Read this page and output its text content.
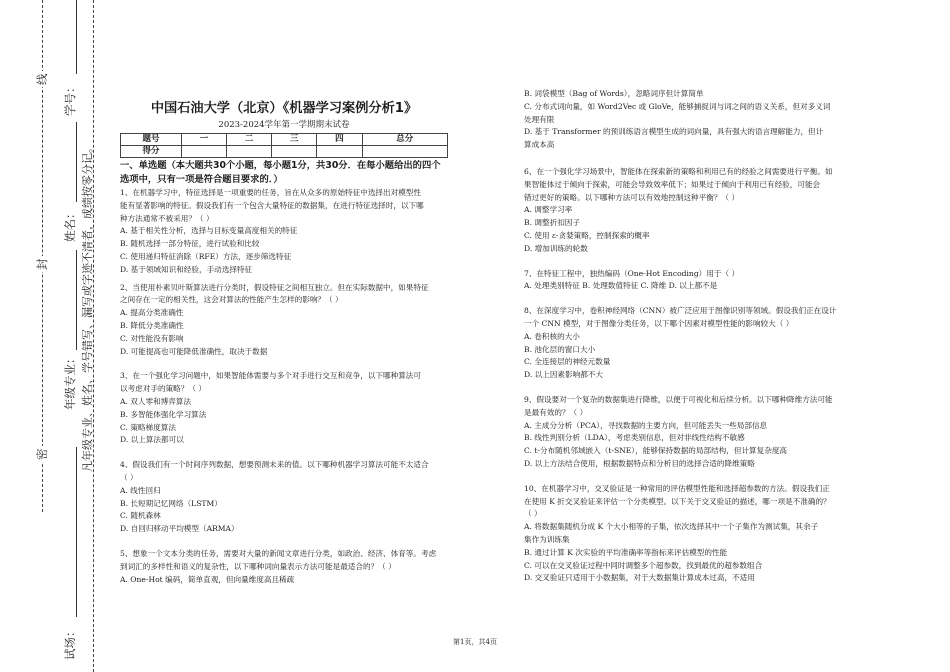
试场：
年级专业：
姓名：
学号：
密
封
线
凡年级专业、姓名、学号错写、漏写或字迹不清者，成绩按零分记。

中国石油大学（北京）《机器学习案例分析1》

2023-2024学年第一学期期末试卷

题号	一	二	三	四	总分
得分					
一、单选题（本大题共30个小题，每小题1分，共30分．在每小题给出的四个
选项中，只有一项是符合题目要求的．）

1、在机器学习中，特征选择是一项重要的任务，旨在从众多的原始特征中选择出对模型性

能有显著影响的特征。假设我们有一个包含大量特征的数据集，在进行特征选择时，以下哪

种方法通常不被采用？（ ）

A. 基于相关性分析，选择与目标变量高度相关的特征

B. 随机选择一部分特征，进行试验和比较

C. 使用递归特征消除（RFE）方法，逐步筛选特征

D. 基于领域知识和经验，手动选择特征

2、当使用朴素贝叶斯算法进行分类时，假设特征之间相互独立。但在实际数据中，如果特征

之间存在一定的相关性，这会对算法的性能产生怎样的影响？（ ）

A. 提高分类准确性

B. 降低分类准确性

C. 对性能没有影响

D. 可能提高也可能降低准确性，取决于数据

3、在一个强化学习问题中，如果智能体需要与多个对手进行交互和竞争，以下哪种算法可

以考虑对手的策略？（ ）

A. 双人零和博弈算法

B. 多智能体强化学习算法

C. 策略梯度算法

D. 以上算法都可以

4、假设我们有一个时间序列数据，想要预测未来的值。以下哪种机器学习算法可能不太适合

（ ）

A. 线性回归

B. 长短期记忆网络（LSTM）

C. 随机森林

D. 自回归移动平均模型（ARMA）

5、想象一个文本分类的任务，需要对大量的新闻文章进行分类，如政治、经济、体育等。考虑

到词汇的多样性和语义的复杂性，以下哪种词向量表示方法可能是最适合的？（ ）

A. One-Hot 编码，简单直观，但向量维度高且稀疏

B. 词袋模型（Bag of Words），忽略词序但计算简单

C. 分布式词向量，如 Word2Vec 或 GloVe，能够捕捉词与词之间的语义关系，但对多义词

处理有限

D. 基于 Transformer 的预训练语言模型生成的词向量，具有强大的语言理解能力，但计

算成本高

6、在一个强化学习场景中，智能体在探索新的策略和利用已有的经验之间需要进行平衡。如

果智能体过于倾向于探索，可能会导致效率低下；如果过于倾向于利用已有经验，可能会

错过更好的策略。以下哪种方法可以有效地控制这种平衡？（ ）

A. 调整学习率

B. 调整折扣因子

C. 使用 ε-贪婪策略，控制探索的概率

D. 增加训练的轮数

7、在特征工程中，独热编码（One-Hot Encoding）用于（ ）

A. 处理类别特征 B. 处理数值特征 C. 降维 D. 以上都不是

8、在深度学习中，卷积神经网络（CNN）被广泛应用于图像识别等领域。假设我们正在设计

一个 CNN 模型，对于图像分类任务，以下哪个因素对模型性能的影响较大（ ）

A. 卷积核的大小

B. 池化层的窗口大小

C. 全连接层的神经元数量

D. 以上因素影响都不大

9、假设要对一个复杂的数据集进行降维，以便于可视化和后续分析。以下哪种降维方法可能

是最有效的？（ ）

A. 主成分分析（PCA），寻找数据的主要方向，但可能丢失一些局部信息

B. 线性判别分析（LDA），考虑类别信息，但对非线性结构不敏感

C. t-分布随机邻域嵌入（t-SNE），能够保持数据的局部结构，但计算复杂度高

D. 以上方法结合使用，根据数据特点和分析目的选择合适的降维策略

10、在机器学习中，交叉验证是一种常用的评估模型性能和选择超参数的方法。假设我们正

在使用 K 折交叉验证来评估一个分类模型。以下关于交叉验证的描述，哪一项是不准确的？

（ ）

A. 将数据集随机分成 K 个大小相等的子集，依次选择其中一个子集作为测试集，其余子

集作为训练集

B. 通过计算 K 次实验的平均准确率等指标来评估模型的性能

C. 可以在交叉验证过程中同时调整多个超参数，找到最优的超参数组合

D. 交叉验证只适用于小数据集，对于大数据集计算成本过高，不适用

第1页，共4页
